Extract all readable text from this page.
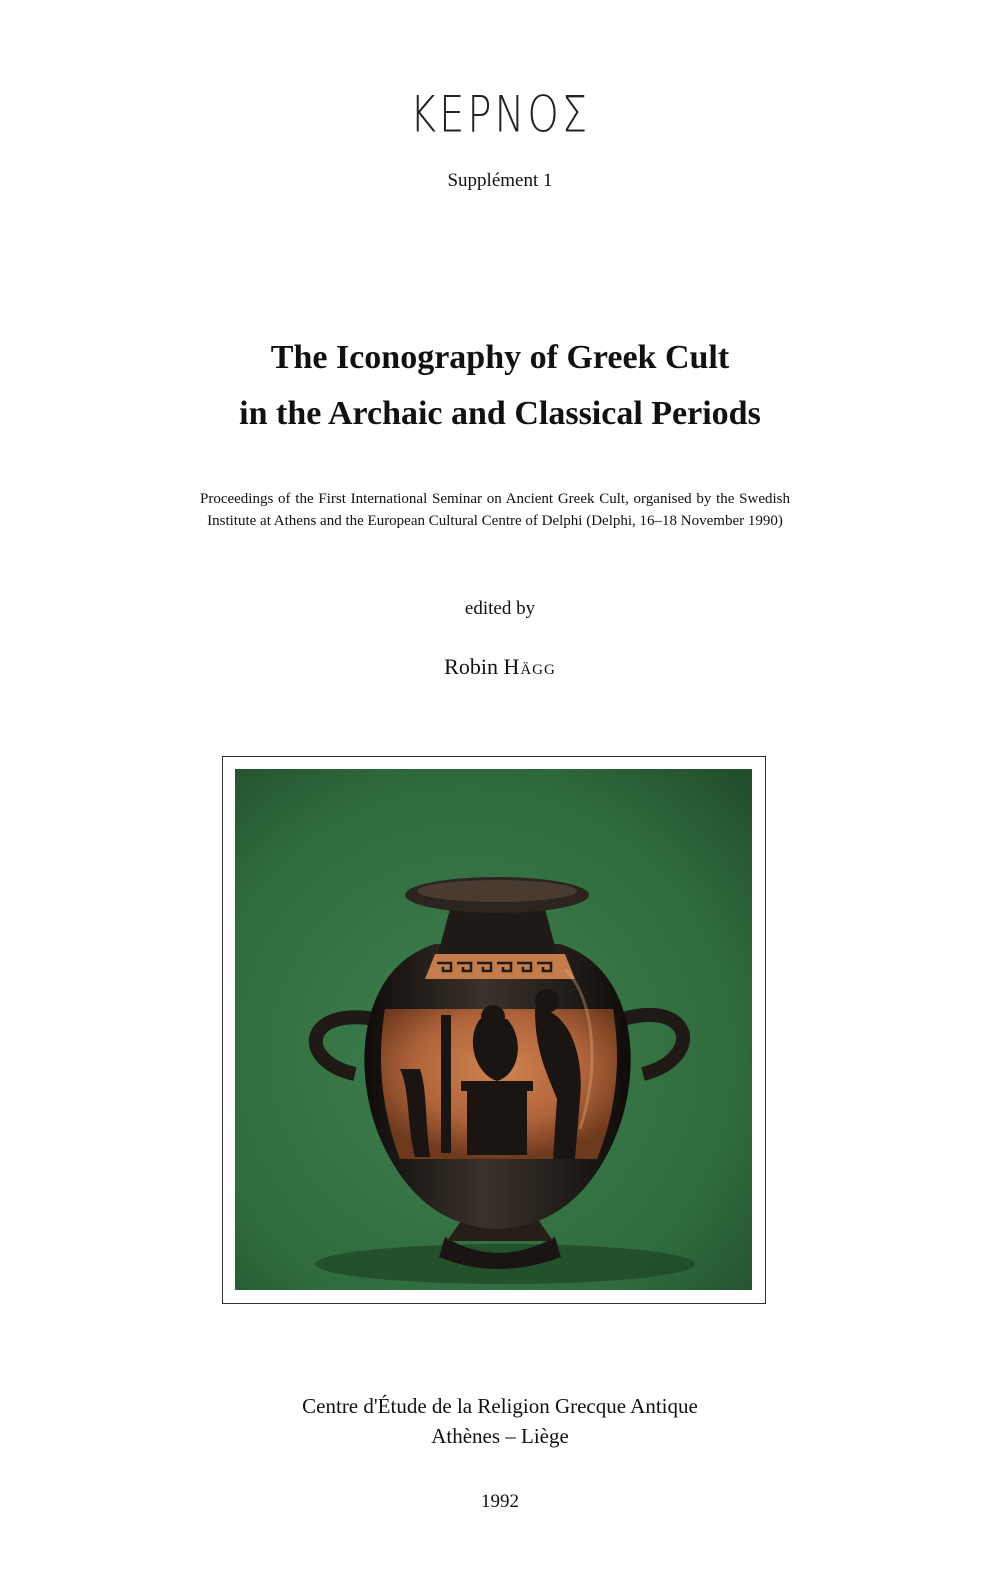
KEPNOΣ
Supplément 1
The Iconography of Greek Cult
in the Archaic and Classical Periods
Proceedings of the First International Seminar on Ancient Greek Cult, organised by the Swedish Institute at Athens and the European Cultural Centre of Delphi (Delphi, 16–18 November 1990)
edited by
Robin Hägg
Centre d'Étude de la Religion Grecque Antique
Athènes – Liège
1992
